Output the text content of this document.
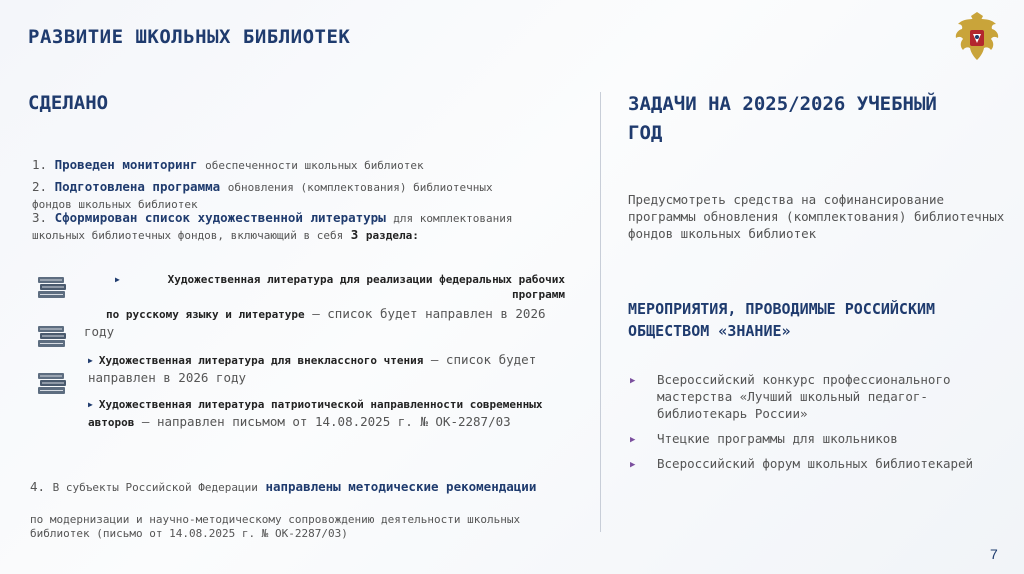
РАЗВИТИЕ ШКОЛЬНЫХ БИБЛИОТЕК
СДЕЛАНО
1. Проведен мониторинг обеспеченности школьных библиотек
2. Подготовлена программа обновления (комплектования) библиотечных фондов школьных библиотек
3. Сформирован список художественной литературы для комплектования школьных библиотечных фондов, включающий в себя 3 раздела:
▶	Художественная литература для реализации федеральных рабочих программ
по русскому языку и литературе – список будет направлен в 2026 году
▶ Художественная литература для внеклассного чтения – список будет направлен в 2026 году
▶ Художественная литература патриотической направленности современных авторов – направлен письмом от 14.08.2025 г. № ОК-2287/03
4. В субъекты Российской Федерации направлены методические рекомендации
по модернизации и научно-методическому сопровождению деятельности школьных библиотек (письмо от 14.08.2025 г. № ОК-2287/03)
ЗАДАЧИ НА 2025/2026 УЧЕБНЫЙ ГОД
Предусмотреть средства на софинансирование программы обновления (комплектования) библиотечных фондов школьных библиотек
МЕРОПРИЯТИЯ, ПРОВОДИМЫЕ РОССИЙСКИМ ОБЩЕСТВОМ «ЗНАНИЕ»
▶ Всероссийский конкурс профессионального мастерства «Лучший школьный педагог-библиотекарь России»
▶ Чтецкие программы для школьников
▶ Всероссийский форум школьных библиотекарей
7
